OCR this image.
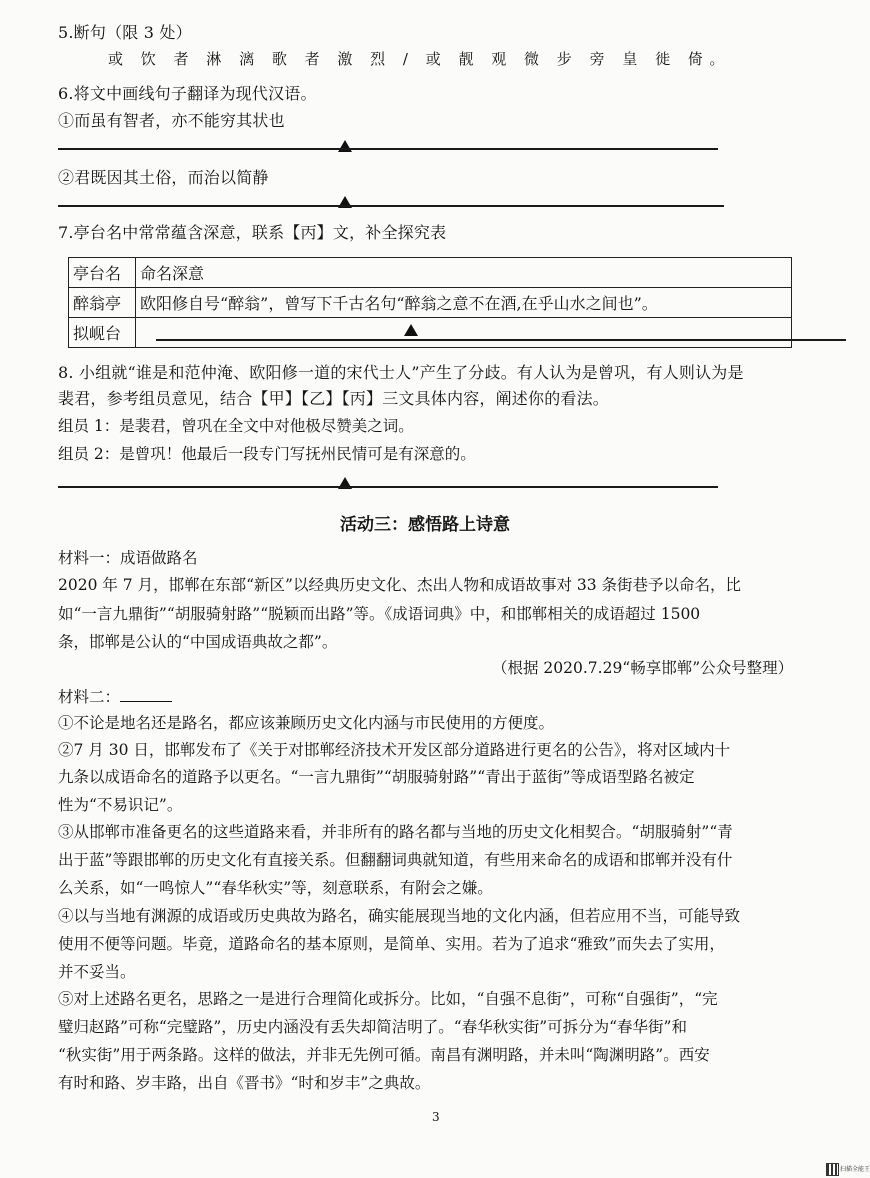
5.断句（限 3 处）
或 饮 者 淋 漓 歌 者 激 烈 / 或 靓 观 微 步 旁 皇 徙 倚。
6.将文中画线句子翻译为现代汉语。
①而虽有智者，亦不能穷其状也
②君既因其土俗，而治以简静
7.亭台名中常常蕴含深意，联系【丙】文，补全探究表
亭台名	命名深意
醉翁亭	欧阳修自号“醉翁”，曾写下千古名句“醉翁之意不在酒,在乎山水之间也”。
拟岘台	
8. 小组就“谁是和范仲淹、欧阳修一道的宋代士人”产生了分歧。有人认为是曾巩，有人则认为是
裴君，参考组员意见，结合【甲】【乙】【丙】三文具体内容，阐述你的看法。
组员 1：是裴君，曾巩在全文中对他极尽赞美之词。
组员 2：是曾巩！他最后一段专门写抚州民情可是有深意的。
活动三：感悟路上诗意
材料一：成语做路名
2020 年 7 月，邯郸在东部“新区”以经典历史文化、杰出人物和成语故事对 33 条街巷予以命名，比
如“一言九鼎街”“胡服骑射路”“脱颖而出路”等。《成语词典》中，和邯郸相关的成语超过 1500
条，邯郸是公认的“中国成语典故之都”。
（根据 2020.7.29“畅享邯郸”公众号整理）
材料二：
①不论是地名还是路名，都应该兼顾历史文化内涵与市民使用的方便度。
②7 月 30 日，邯郸发布了《关于对邯郸经济技术开发区部分道路进行更名的公告》，将对区域内十
九条以成语命名的道路予以更名。“一言九鼎街”“胡服骑射路”“青出于蓝街”等成语型路名被定
性为“不易识记”。
③从邯郸市准备更名的这些道路来看，并非所有的路名都与当地的历史文化相契合。“胡服骑射”“青
出于蓝”等跟邯郸的历史文化有直接关系。但翻翻词典就知道，有些用来命名的成语和邯郸并没有什
么关系，如“一鸣惊人”“春华秋实”等，刻意联系，有附会之嫌。
④以与当地有渊源的成语或历史典故为路名，确实能展现当地的文化内涵，但若应用不当，可能导致
使用不便等问题。毕竟，道路命名的基本原则，是简单、实用。若为了追求“雅致”而失去了实用，
并不妥当。
⑤对上述路名更名，思路之一是进行合理简化或拆分。比如，“自强不息街”，可称“自强街”，“完
璧归赵路”可称“完璧路”，历史内涵没有丢失却简洁明了。“春华秋实街”可拆分为“春华街”和
“秋实街”用于两条路。这样的做法，并非无先例可循。南昌有渊明路，并未叫“陶渊明路”。西安
有时和路、岁丰路，出自《晋书》“时和岁丰”之典故。
3
扫描全能王
